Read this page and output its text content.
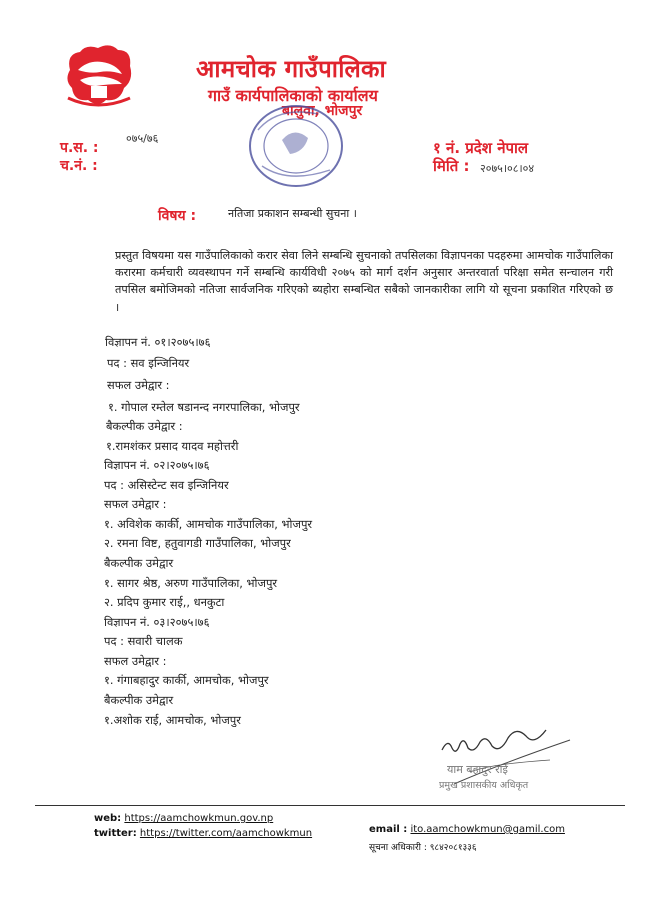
आमचोक गाउँपालिका
गाउँ कार्यपालिकाको कार्यालय
बालुवा, भोजपुर
प.स. :
०७५/७६
च.नं. :
१ नं. प्रदेश नेपाल
मिति : २०७५।०८।०४
विषय :	नतिजा प्रकाशन सम्बन्धी सुचना ।
प्रस्तुत विषयमा यस गाउँपालिकाको करार सेवा लिने सम्बन्धि सुचनाको तपसिलका विज्ञापनका पदहरुमा आमचोक गाउँपालिका करारमा कर्मचारी व्यवस्थापन गर्ने सम्बन्धि कार्यविधी २०७५ को मार्ग दर्शन अनुसार अन्तरवार्ता परिक्षा समेत सन्चालन गरी तपसिल बमोजिमको नतिजा सार्वजनिक गरिएको ब्यहोरा सम्बन्धित सबैको जानकारीका लागि यो सूचना प्रकाशित गरिएको छ ।
विज्ञापन नं. ०१।२०७५।७६
पद : सव इन्जिनियर
सफल उमेद्वार :
१. गोपाल रम्तेल षडानन्द नगरपालिका, भोजपुर
बैकल्पीक उमेद्वार :
१.रामशंकर प्रसाद यादव महोत्तरी
विज्ञापन नं. ०२।२०७५।७६
पद : असिस्टेन्ट सव इन्जिनियर
सफल उमेद्वार :
१. अविशेक कार्की, आमचोक गाउँपालिका, भोजपुर
२. रमना विष्ट, हतुवागडी गाउँपालिका, भोजपुर
बैकल्पीक उमेद्वार
१. सागर श्रेष्ठ, अरुण गाउँपालिका, भोजपुर
२. प्रदिप कुमार राई,, धनकुटा
विज्ञापन नं. ०३।२०७५।७६
पद : सवारी चालक
सफल उमेद्वार :
१. गंगाबहादुर कार्की, आमचोक, भोजपुर
बैकल्पीक उमेद्वार
१.अशोक राई, आमचोक, भोजपुर
याम बहादुर राई
प्रमुख प्रशासकीय अधिकृत
web: https://aamchowkmun.gov.np
twitter: https://twitter.com/aamchowkmun	email : ito.aamchowkmun@gamil.com
सूचना अधिकारी : ९८४२०८१३३६
